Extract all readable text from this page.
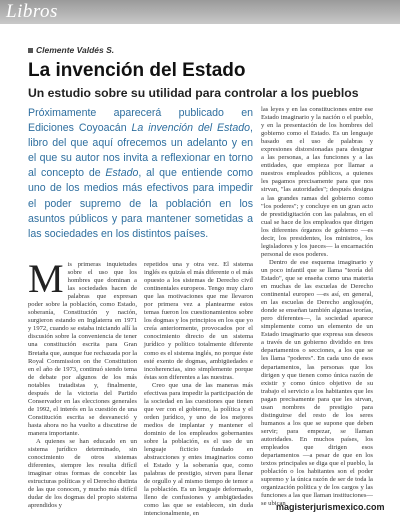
Libros
Clemente Valdés S.
La invención del Estado
Un estudio sobre su utilidad para controlar a los pueblos

Próximamente aparecerá publicado en Ediciones Coyoacán La invención del Estado, libro del que aquí ofrecemos un adelanto y en el que su autor nos invita a reflexionar en torno al concepto de Estado, al que entiende como uno de los medios más efectivos para impedir el poder supremo de la población en los asuntos públicos y para mantener sometidas a las sociedades en los distintos países.

M is primeras inquietudes sobre el uso que los hombres que dominan a las sociedades hacen de palabras que expresan poder sobre la población, como Estado, soberanía, Constitución y nación, surgieron estando en Inglaterra en 1971 y 1972, cuando se estaba iniciando allí la discusión sobre la conveniencia de tener una constitución escrita para Gran Bretaña que, aunque fue rechazada por la Royal Commission on the Constitution en el año de 1973, continuó siendo tema de debate por algunos de los más notables tratadistas y, finalmente, después de la victoria del Partido Conservador en las elecciones generales de 1992, el interés en la cuestión de una Constitución escrita se desvaneció y hasta ahora no ha vuelto a discutirse de manera importante.

A quienes se han educado en un sistema jurídico determinado, sin conocimiento de otros sistemas diferentes, siempre les resulta difícil imaginar otras formas de concebir las estructuras políticas y el Derecho distinta de las que conocen, y mucho más difícil dudar de los dogmas del propio sistema aprendidos y

repetidos una y otra vez. El sistema inglés es quizás el más diferente o el más opuesto a los sistemas de Derecho civil continentales europeos. Tengo muy claro que las motivaciones que me llevaron por primera vez a plantearme estos temas fueron los cuestionamientos sobre los dogmas y los principios en los que yo creía anteriormente, provocados por el conocimiento directo de un sistema jurídico y político totalmente diferente como es el sistema inglés, no porque éste esté exento de dogmas, ambigüedades e incoherencias, sino simplemente porque éstas son diferentes a las nuestras.

Creo que una de las maneras más efectivas para impedir la participación de la sociedad en las cuestiones que tienen que ver con el gobierno, la política y el orden jurídico, y uno de los mejores medios de implantar y mantener el dominio de los empleados gobernantes sobre la población, es el uso de un lenguaje ficticio fundado en abstracciones y entes imaginarios como el Estado y la soberanía que, como palabras de prestigio, sirven para llenar de orgullo y al mismo tiempo de temor a la población. Es un lenguaje deformado, lleno de confusiones y ambigüedades como las que se establecen, sin duda intencionalmente, en

las leyes y en las constituciones entre ese Estado imaginario y la nación o el pueblo, y en la presentación de los hombres del gobierno como el Estado. Es un lenguaje basado en el uso de palabras y expresiones distorsionadas para designar a las personas, a las funciones y a las entidades, que empieza por llamar a nuestros empleados públicos, a quienes les pagamos precisamente para que nos sirvan, "las autoridades"; después designa a las grandes ramas del gobierno como "los poderes"; y concluye en un gran acto de prestidigitación con las palabras, en el cual se hace de los empleados que dirigen los diferentes órganos de gobierno —es decir, los presidentes, los ministros, los legisladores y los jueces— la encarnación personal de esos poderes.

Dentro de ese esquema imaginario y un poco infantil que se llama "teoría del Estado", que se enseña como una materia en muchas de las escuelas de Derecho continental europeo —es así, en general, en las escuelas de Derecho anglosajón, donde se enseñan también algunas teorías, pero diferentes—, la sociedad aparece simplemente como un elemento de un Estado imaginario que expresa sus deseos a través de un gobierno dividido en tres departamentos o secciones, a los que se les llama "poderes". En cada uno de esos departamentos, las personas que los dirigen y que tienen como única razón de existir y como único objetivo de su trabajo el servicio a los habitantes que les pagan precisamente para que les sirvan, usan nombres de prestigio para distinguirse del resto de los seres humanos a los que se supone que deben servir; para empezar, se llaman autoridades. En muchos países, los empleados que dirigen esos departamentos —a pesar de que en los textos principales se diga que el pueblo, la población o los habitantes son el poder supremo y la única razón de ser de toda la organización política y de los cargos y las funciones a las que llaman instituciones— se ubican

magisterjurismexico.com
